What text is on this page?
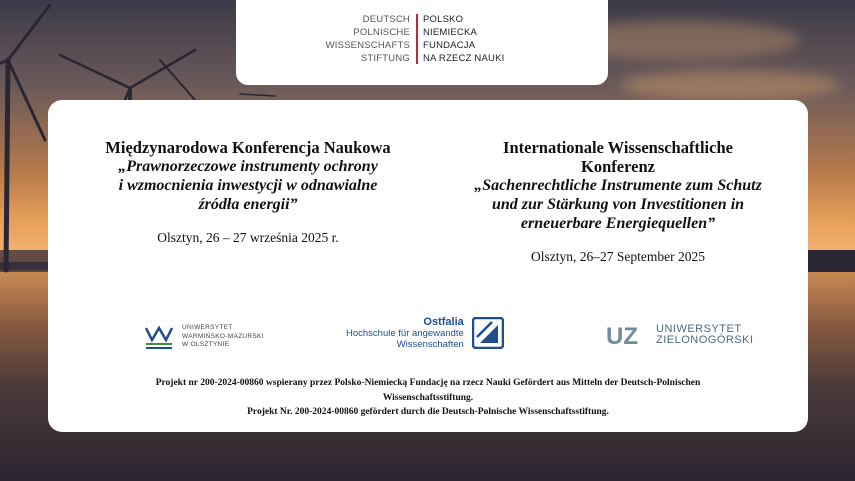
DEUTSCH
POLNISCHE
WISSENSCHAFTS
STIFTUNG
POLSKO
NIEMIECKA
FUNDACJA
NA RZECZ NAUKI
Międzynarodowa Konferencja Naukowa
„Prawnorzeczowe instrumenty ochrony
i wzmocnienia inwestycji w odnawialne
źródła energii”
Olsztyn, 26 – 27 września 2025 r.
Internationale Wissenschaftliche
Konferenz
„Sachenrechtliche Instrumente zum Schutz
und zur Stärkung von Investitionen in
erneuerbare Energiequellen”
Olsztyn, 26–27 September 2025
UNIWERSYTET
WARMIŃSKO-MAZURSKI
W OLSZTYNIE
Ostfalia
Hochschule für angewandte
Wissenschaften	UZ UNIWERSYTET
ZIELONOGÓRSKI
Projekt nr 200-2024-00860 wspierany przez Polsko-Niemiecką Fundację na rzecz Nauki Gefördert aus Mitteln der Deutsch-Polnischen
Wissenschaftsstiftung.
Projekt Nr. 200-2024-00860 gefördert durch die Deutsch-Polnische Wissenschaftsstiftung.
